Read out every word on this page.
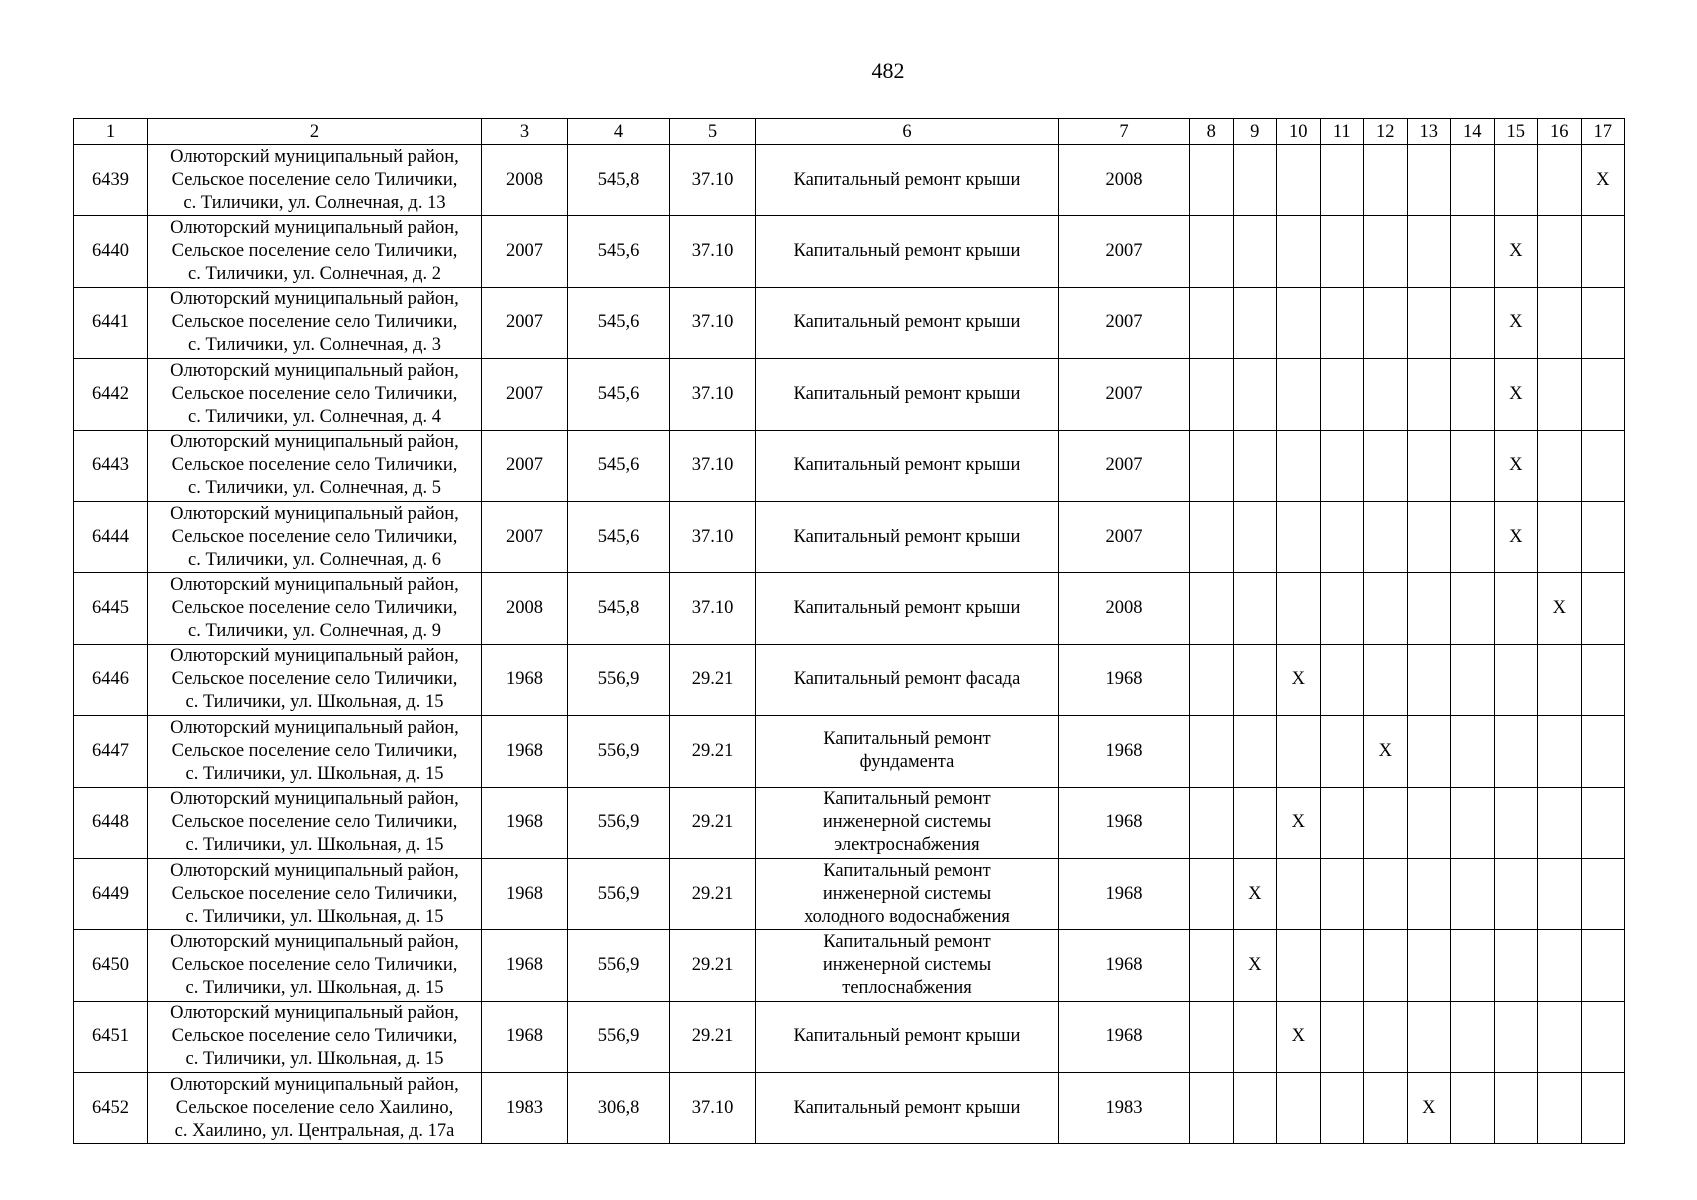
482
1	2	3	4	5	6	7	8	9	10	11	12	13	14	15	16	17
6439	Олюторский муниципальный район,
Сельское поселение село Тиличики,
с. Тиличики, ул. Солнечная, д. 13	2008	545,8	37.10	Капитальный ремонт крыши	2008										X
6440	Олюторский муниципальный район,
Сельское поселение село Тиличики,
с. Тиличики, ул. Солнечная, д. 2	2007	545,6	37.10	Капитальный ремонт крыши	2007								X		
6441	Олюторский муниципальный район,
Сельское поселение село Тиличики,
с. Тиличики, ул. Солнечная, д. 3	2007	545,6	37.10	Капитальный ремонт крыши	2007								X		
6442	Олюторский муниципальный район,
Сельское поселение село Тиличики,
с. Тиличики, ул. Солнечная, д. 4	2007	545,6	37.10	Капитальный ремонт крыши	2007								X		
6443	Олюторский муниципальный район,
Сельское поселение село Тиличики,
с. Тиличики, ул. Солнечная, д. 5	2007	545,6	37.10	Капитальный ремонт крыши	2007								X		
6444	Олюторский муниципальный район,
Сельское поселение село Тиличики,
с. Тиличики, ул. Солнечная, д. 6	2007	545,6	37.10	Капитальный ремонт крыши	2007								X		
6445	Олюторский муниципальный район,
Сельское поселение село Тиличики,
с. Тиличики, ул. Солнечная, д. 9	2008	545,8	37.10	Капитальный ремонт крыши	2008									X	
6446	Олюторский муниципальный район,
Сельское поселение село Тиличики,
с. Тиличики, ул. Школьная, д. 15	1968	556,9	29.21	Капитальный ремонт фасада	1968			X							
6447	Олюторский муниципальный район,
Сельское поселение село Тиличики,
с. Тиличики, ул. Школьная, д. 15	1968	556,9	29.21	Капитальный ремонт
фундамента	1968					X					
6448	Олюторский муниципальный район,
Сельское поселение село Тиличики,
с. Тиличики, ул. Школьная, д. 15	1968	556,9	29.21	Капитальный ремонт
инженерной системы
электроснабжения	1968			X							
6449	Олюторский муниципальный район,
Сельское поселение село Тиличики,
с. Тиличики, ул. Школьная, д. 15	1968	556,9	29.21	Капитальный ремонт
инженерной системы
холодного водоснабжения	1968		X								
6450	Олюторский муниципальный район,
Сельское поселение село Тиличики,
с. Тиличики, ул. Школьная, д. 15	1968	556,9	29.21	Капитальный ремонт
инженерной системы
теплоснабжения	1968		X								
6451	Олюторский муниципальный район,
Сельское поселение село Тиличики,
с. Тиличики, ул. Школьная, д. 15	1968	556,9	29.21	Капитальный ремонт крыши	1968			X							
6452	Олюторский муниципальный район,
Сельское поселение село Хаилино,
с. Хаилино, ул. Центральная, д. 17а	1983	306,8	37.10	Капитальный ремонт крыши	1983						X				
